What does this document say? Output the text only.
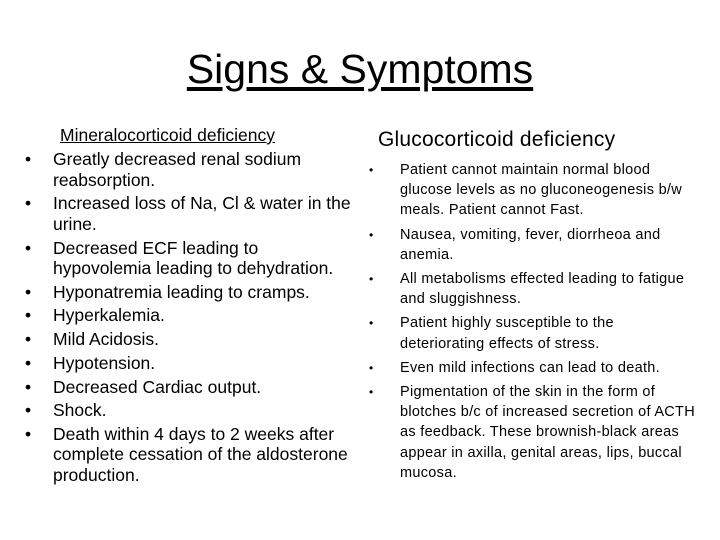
Signs & Symptoms
Mineralocorticoid deficiency
• Greatly decreased renal sodium reabsorption.
• Increased loss of Na, Cl & water in the urine.
• Decreased ECF leading to hypovolemia leading to dehydration.
• Hyponatremia leading to cramps.
• Hyperkalemia.
• Mild Acidosis.
• Hypotension.
• Decreased Cardiac output.
• Shock.
• Death within 4 days to 2 weeks after complete cessation of the aldosterone production.
Glucocorticoid deficiency
• Patient cannot maintain normal blood glucose levels as no gluconeogenesis b/w meals. Patient cannot Fast.
• Nausea, vomiting, fever, diorrheoa and anemia.
• All metabolisms effected leading to fatigue and sluggishness.
• Patient highly susceptible to the deteriorating effects of stress.
• Even mild infections can lead to death.
• Pigmentation of the skin in the form of blotches b/c of increased secretion of ACTH as feedback. These brownish-black areas appear in axilla, genital areas, lips, buccal mucosa.
